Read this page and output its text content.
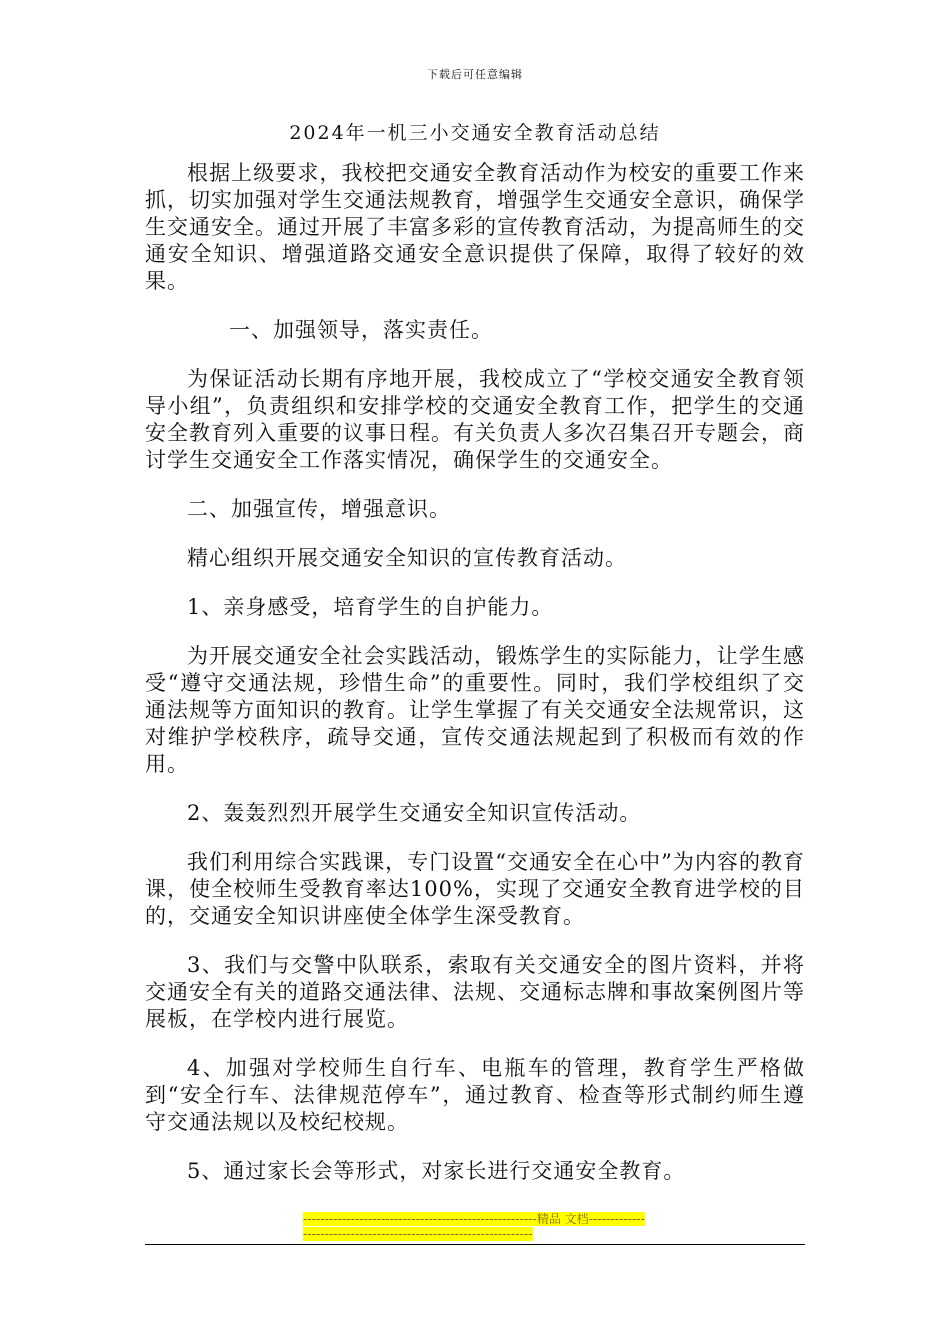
下载后可任意编辑
2024年一机三小交通安全教育活动总结

根据上级要求，我校把交通安全教育活动作为校安的重要工作来抓，切实加强对学生交通法规教育，增强学生交通安全意识，确保学生交通安全。通过开展了丰富多彩的宣传教育活动，为提高师生的交通安全知识、增强道路交通安全意识提供了保障，取得了较好的效果。

一、加强领导，落实责任。

为保证活动长期有序地开展，我校成立了“学校交通安全教育领导小组”，负责组织和安排学校的交通安全教育工作，把学生的交通安全教育列入重要的议事日程。有关负责人多次召集召开专题会，商讨学生交通安全工作落实情况，确保学生的交通安全。

二、加强宣传，增强意识。

精心组织开展交通安全知识的宣传教育活动。

1、亲身感受，培育学生的自护能力。

为开展交通安全社会实践活动，锻炼学生的实际能力，让学生感受“遵守交通法规，珍惜生命”的重要性。同时，我们学校组织了交通法规等方面知识的教育。让学生掌握了有关交通安全法规常识，这对维护学校秩序，疏导交通，宣传交通法规起到了积极而有效的作用。

2、轰轰烈烈开展学生交通安全知识宣传活动。

我们利用综合实践课，专门设置“交通安全在心中”为内容的教育课，使全校师生受教育率达100%，实现了交通安全教育进学校的目的，交通安全知识讲座使全体学生深受教育。

3、我们与交警中队联系，索取有关交通安全的图片资料，并将交通安全有关的道路交通法律、法规、交通标志牌和事故案例图片等展板，在学校内进行展览。

4、加强对学校师生自行车、电瓶车的管理，教育学生严格做到“安全行车、法律规范停车”，通过教育、检查等形式制约师生遵守交通法规以及校纪校规。

5、通过家长会等形式，对家长进行交通安全教育。

------------------------------------------------------精品 文档------------------------------------------------------------------
